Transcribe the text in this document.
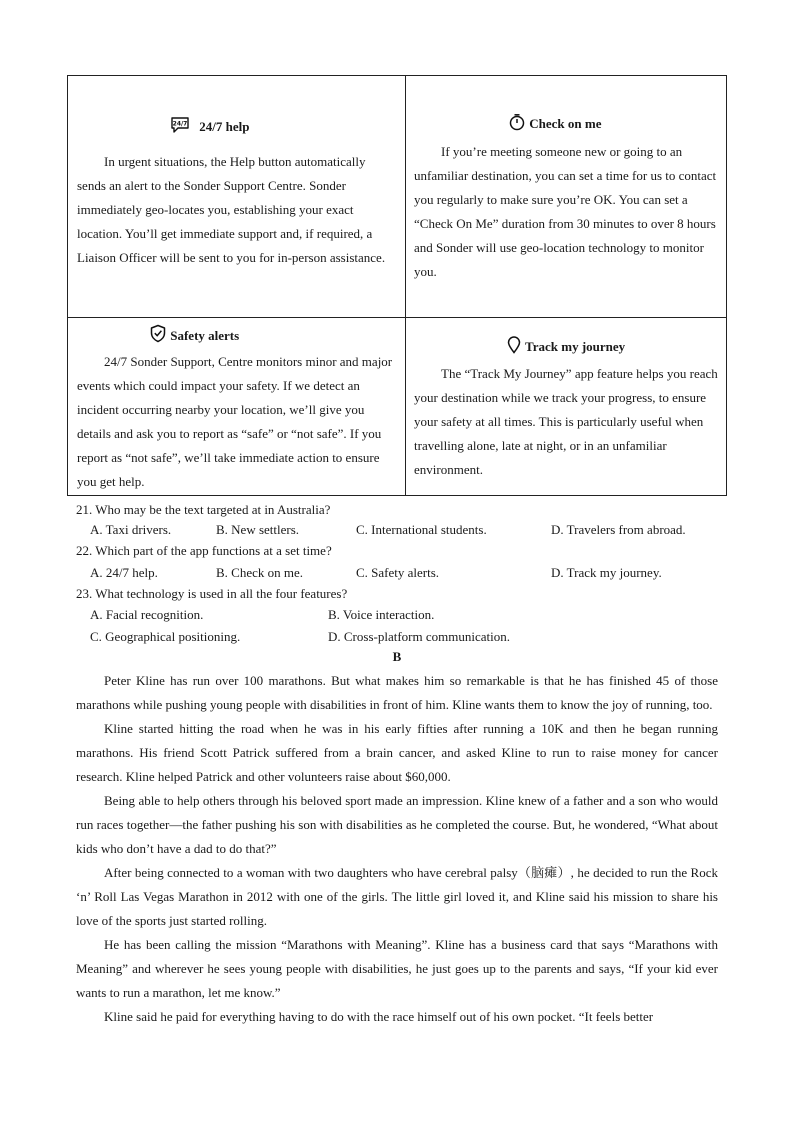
24/7 24/7 help

In urgent situations, the Help button automatically sends an alert to the Sonder Support Centre. Sonder immediately geo-locates you, establishing your exact location. You’ll get immediate support and, if required, a Liaison Officer will be sent to you for in-person assistance.

Check on me

If you’re meeting someone new or going to an unfamiliar destination, you can set a time for us to contact you regularly to make sure you’re OK. You can set a “Check On Me” duration from 30 minutes to over 8 hours and Sonder will use geo-location technology to monitor you.

Safety alerts

24/7 Sonder Support, Centre monitors minor and major events which could impact your safety. If we detect an incident occurring nearby your location, we’ll give you details and ask you to report as “safe” or “not safe”. If you report as “not safe”, we’ll take immediate action to ensure you get help.

Track my journey

The “Track My Journey” app feature helps you reach your destination while we track your progress, to ensure your safety at all times. This is particularly useful when travelling alone, late at night, or in an unfamiliar environment.

21. Who may be the text targeted at in Australia?
A. Taxi drivers.	B. New settlers.	C. International students.	D. Travelers from abroad.
22. Which part of the app functions at a set time?
A. 24/7 help.	B. Check on me.	C. Safety alerts.	D. Track my journey.
23. What technology is used in all the four features?
A. Facial recognition.	B. Voice interaction.
C. Geographical positioning.	D. Cross-platform communication.
B

Peter Kline has run over 100 marathons. But what makes him so remarkable is that he has finished 45 of those marathons while pushing young people with disabilities in front of him. Kline wants them to know the joy of running, too.

Kline started hitting the road when he was in his early fifties after running a 10K and then he began running marathons. His friend Scott Patrick suffered from a brain cancer, and asked Kline to run to raise money for cancer research. Kline helped Patrick and other volunteers raise about $60,000.

Being able to help others through his beloved sport made an impression. Kline knew of a father and a son who would run races together—the father pushing his son with disabilities as he completed the course. But, he wondered, “What about kids who don’t have a dad to do that?”

After being connected to a woman with two daughters who have cerebral palsy（脑瘫）, he decided to run the Rock ‘n’ Roll Las Vegas Marathon in 2012 with one of the girls. The little girl loved it, and Kline said his mission to share his love of the sports just started rolling.

He has been calling the mission “Marathons with Meaning”. Kline has a business card that says “Marathons with Meaning” and wherever he sees young people with disabilities, he just goes up to the parents and says, “If your kid ever wants to run a marathon, let me know.”

Kline said he paid for everything having to do with the race himself out of his own pocket. “It feels better
